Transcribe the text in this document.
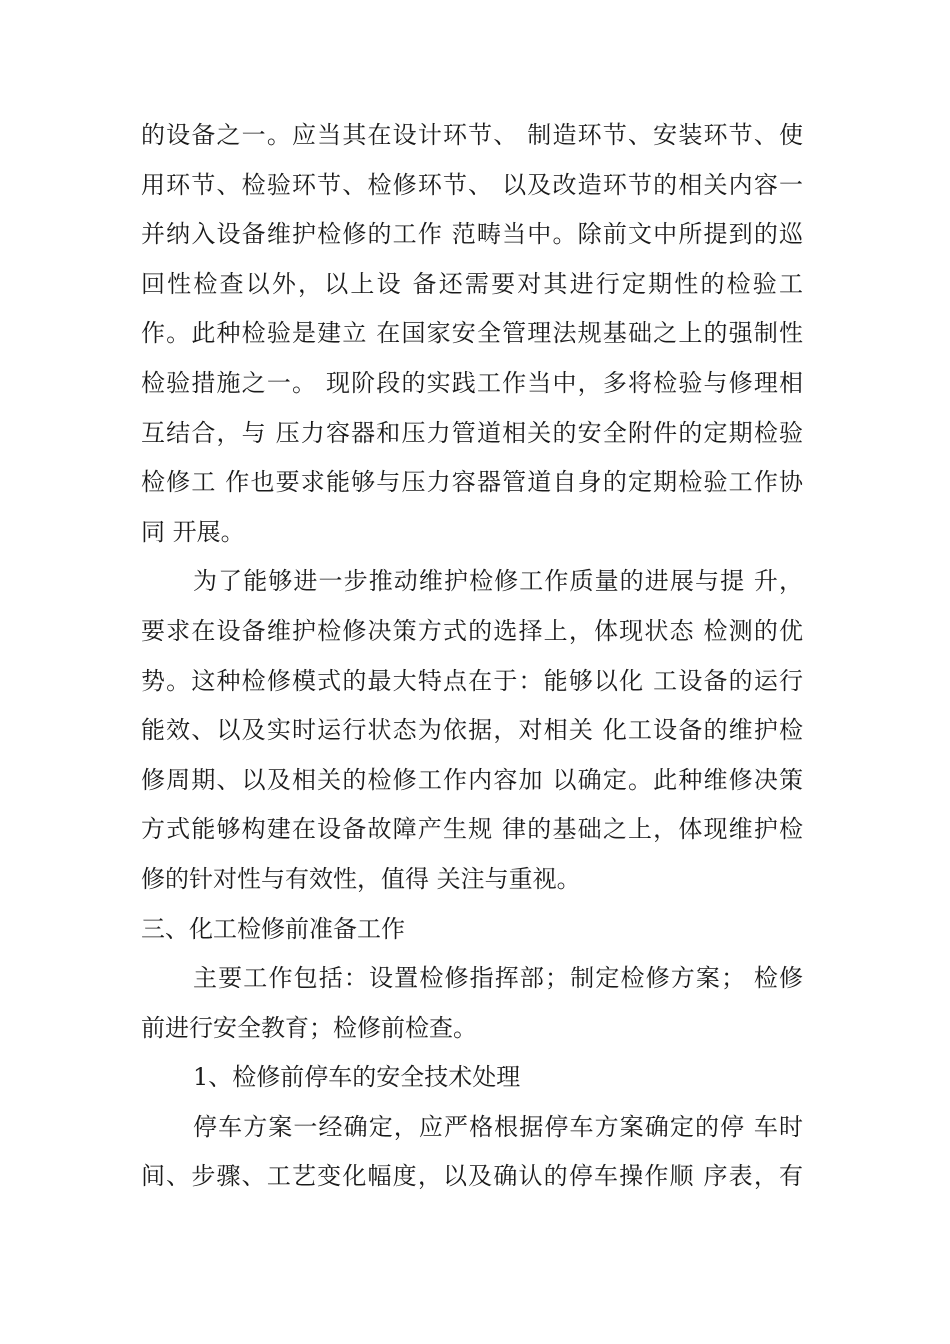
的设备之一。应当其在设计环节、 制造环节、安装环节、使
用环节、检验环节、检修环节、 以及改造环节的相关内容一
并纳入设备维护检修的工作 范畴当中。除前文中所提到的巡
回性检查以外，以上设 备还需要对其进行定期性的检验工
作。此种检验是建立 在国家安全管理法规基础之上的强制性
检验措施之一。 现阶段的实践工作当中，多将检验与修理相
互结合，与 压力容器和压力管道相关的安全附件的定期检验
检修工 作也要求能够与压力容器管道自身的定期检验工作协
同 开展。
为了能够进一步推动维护检修工作质量的进展与提 升，
要求在设备维护检修决策方式的选择上，体现状态 检测的优
势。这种检修模式的最大特点在于：能够以化 工设备的运行
能效、以及实时运行状态为依据，对相关 化工设备的维护检
修周期、以及相关的检修工作内容加 以确定。此种维修决策
方式能够构建在设备故障产生规 律的基础之上，体现维护检
修的针对性与有效性，值得 关注与重视。
三、化工检修前准备工作
主要工作包括：设置检修指挥部；制定检修方案； 检修
前进行安全教育；检修前检查。
1、检修前停车的安全技术处理
停车方案一经确定，应严格根据停车方案确定的停 车时
间、步骤、工艺变化幅度，以及确认的停车操作顺 序表，有
